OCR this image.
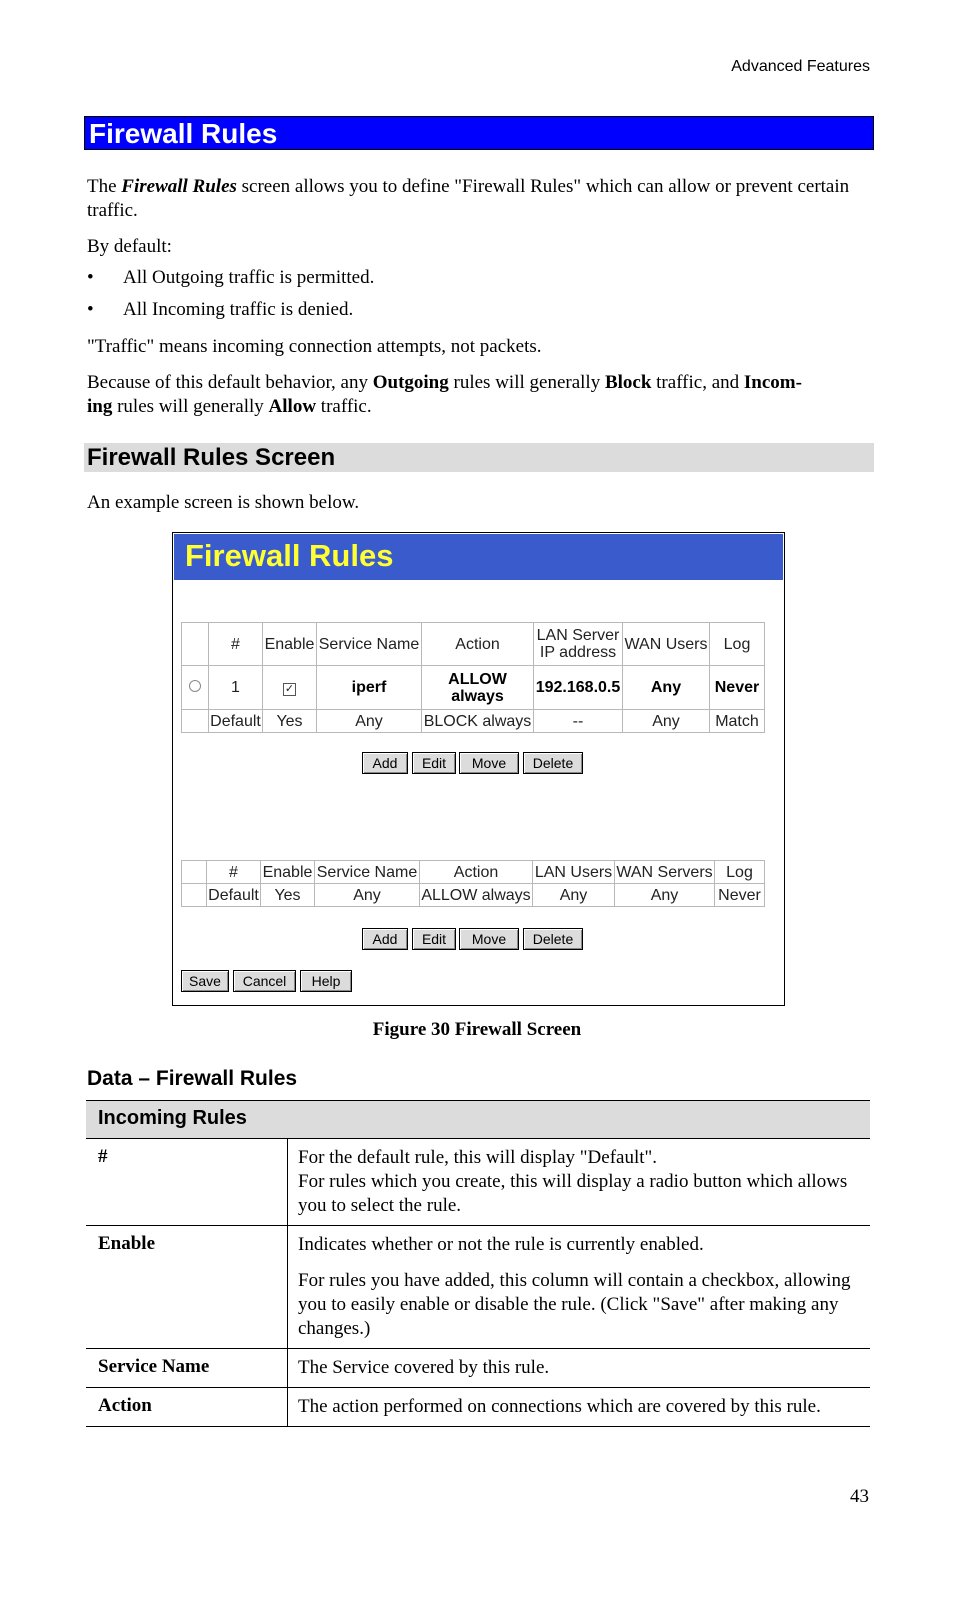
Advanced Features
Firewall Rules
The Firewall Rules screen allows you to define "Firewall Rules" which can allow or prevent certain traffic.
By default:
• All Outgoing traffic is permitted.
• All Incoming traffic is denied.
"Traffic" means incoming connection attempts, not packets.
Because of this default behavior, any Outgoing rules will generally Block traffic, and Incom-
ing rules will generally Allow traffic.
Firewall Rules Screen
An example screen is shown below.
Firewall Rules
	#	Enable	Service Name	Action	LAN Server
IP address	WAN Users	Log
	1	✓	iperf	ALLOW
always	192.168.0.5	Any	Never
	Default	Yes	Any	BLOCK always	--	Any	Match
Add	Edit	Move	Delete
	#	Enable	Service Name	Action	LAN Users	WAN Servers	Log
	Default	Yes	Any	ALLOW always	Any	Any	Never
Add	Edit	Move	Delete
Save	Cancel	Help
Figure 30 Firewall Screen
Data – Firewall Rules
Incoming Rules	
#	For the default rule, this will display "Default".

For rules which you create, this will display a radio button which allows you to select the rule.

Enable	Indicates whether or not the rule is currently enabled.

For rules you have added, this column will contain a checkbox, allowing you to easily enable or disable the rule. (Click "Save" after making any changes.)

Service Name	The Service covered by this rule.
Action	The action performed on connections which are covered by this rule.
43
